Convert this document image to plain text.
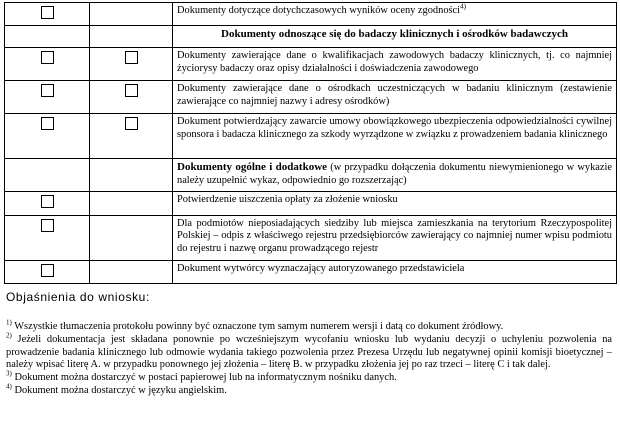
		Dokumenty dotyczące dotychczasowych wyników oceny zgodności$^{4)}$
		Dokumenty odnoszące się do badaczy klinicznych i ośrodków badawczych
		Dokumenty zawierające dane o kwalifikacjach zawodowych badaczy klinicznych, tj. co najmniej życiorysy badaczy oraz opisy działalności i doświadczenia zawodowego
		Dokumenty zawierające dane o ośrodkach uczestniczących w badaniu klinicznym (zestawienie zawierające co najmniej nazwy i adresy ośrodków)
		Dokument potwierdzający zawarcie umowy obowiązkowego ubezpieczenia odpowiedzialności cywilnej sponsora i badacza klinicznego za szkody wyrządzone w związku z prowadzeniem badania klinicznego
		Dokumenty ogólne i dodatkowe (w przypadku dołączenia dokumentu niewymienionego w wykazie należy uzupełnić wykaz, odpowiednio go rozszerzając)
		Potwierdzenie uiszczenia opłaty za złożenie wniosku
		Dla podmiotów nieposiadających siedziby lub miejsca zamieszkania na terytorium Rzeczypospolitej Polskiej – odpis z właściwego rejestru przedsiębiorców zawierający co najmniej numer wpisu podmiotu do rejestru i nazwę organu prowadzącego rejestr
		Dokument wytwórcy wyznaczający autoryzowanego przedstawiciela
Objaśnienia do wniosku:
$^{1)}$ Wszystkie tłumaczenia protokołu powinny być oznaczone tym samym numerem wersji i datą co dokument źródłowy.
$^{2)}$ Jeżeli dokumentacja jest składana ponownie po wcześniejszym wycofaniu wniosku lub wydaniu decyzji o uchyleniu pozwolenia na prowadzenie badania klinicznego lub odmowie wydania takiego pozwolenia przez Prezesa Urzędu lub negatywnej opinii komisji bioetycznej – należy wpisać literę A. w przypadku ponownego jej złożenia – literę B. w przypadku złożenia jej po raz trzeci – literę C i tak dalej.
$^{3)}$ Dokument można dostarczyć w postaci papierowej lub na informatycznym nośniku danych.
$^{4)}$ Dokument można dostarczyć w języku angielskim.
